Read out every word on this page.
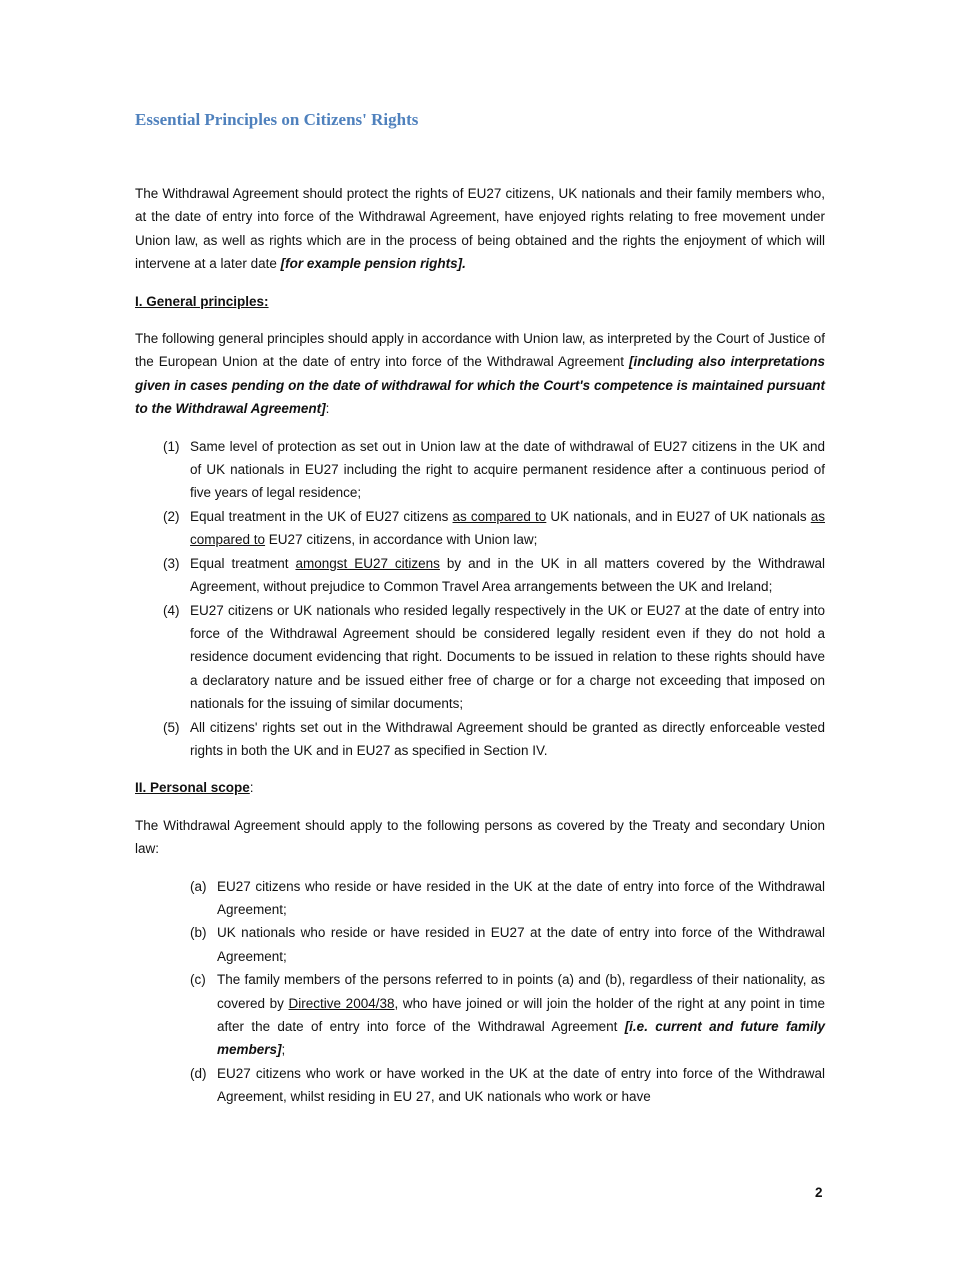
Essential Principles on Citizens' Rights

The Withdrawal Agreement should protect the rights of EU27 citizens, UK nationals and their family members who, at the date of entry into force of the Withdrawal Agreement, have enjoyed rights relating to free movement under Union law, as well as rights which are in the process of being obtained and the rights the enjoyment of which will intervene at a later date [for example pension rights].

I. General principles:

The following general principles should apply in accordance with Union law, as interpreted by the Court of Justice of the European Union at the date of entry into force of the Withdrawal Agreement [including also interpretations given in cases pending on the date of withdrawal for which the Court's competence is maintained pursuant to the Withdrawal Agreement]:

(1) Same level of protection as set out in Union law at the date of withdrawal of EU27 citizens in the UK and of UK nationals in EU27 including the right to acquire permanent residence after a continuous period of five years of legal residence;
(2) Equal treatment in the UK of EU27 citizens as compared to UK nationals, and in EU27 of UK nationals as compared to EU27 citizens, in accordance with Union law;
(3) Equal treatment amongst EU27 citizens by and in the UK in all matters covered by the Withdrawal Agreement, without prejudice to Common Travel Area arrangements between the UK and Ireland;
(4) EU27 citizens or UK nationals who resided legally respectively in the UK or EU27 at the date of entry into force of the Withdrawal Agreement should be considered legally resident even if they do not hold a residence document evidencing that right. Documents to be issued in relation to these rights should have a declaratory nature and be issued either free of charge or for a charge not exceeding that imposed on nationals for the issuing of similar documents;
(5) All citizens' rights set out in the Withdrawal Agreement should be granted as directly enforceable vested rights in both the UK and in EU27 as specified in Section IV.

II. Personal scope:

The Withdrawal Agreement should apply to the following persons as covered by the Treaty and secondary Union law:

(a) EU27 citizens who reside or have resided in the UK at the date of entry into force of the Withdrawal Agreement;
(b) UK nationals who reside or have resided in EU27 at the date of entry into force of the Withdrawal Agreement;
(c) The family members of the persons referred to in points (a) and (b), regardless of their nationality, as covered by Directive 2004/38, who have joined or will join the holder of the right at any point in time after the date of entry into force of the Withdrawal Agreement [i.e. current and future family members];
(d) EU27 citizens who work or have worked in the UK at the date of entry into force of the Withdrawal Agreement, whilst residing in EU 27, and UK nationals who work or have
2
